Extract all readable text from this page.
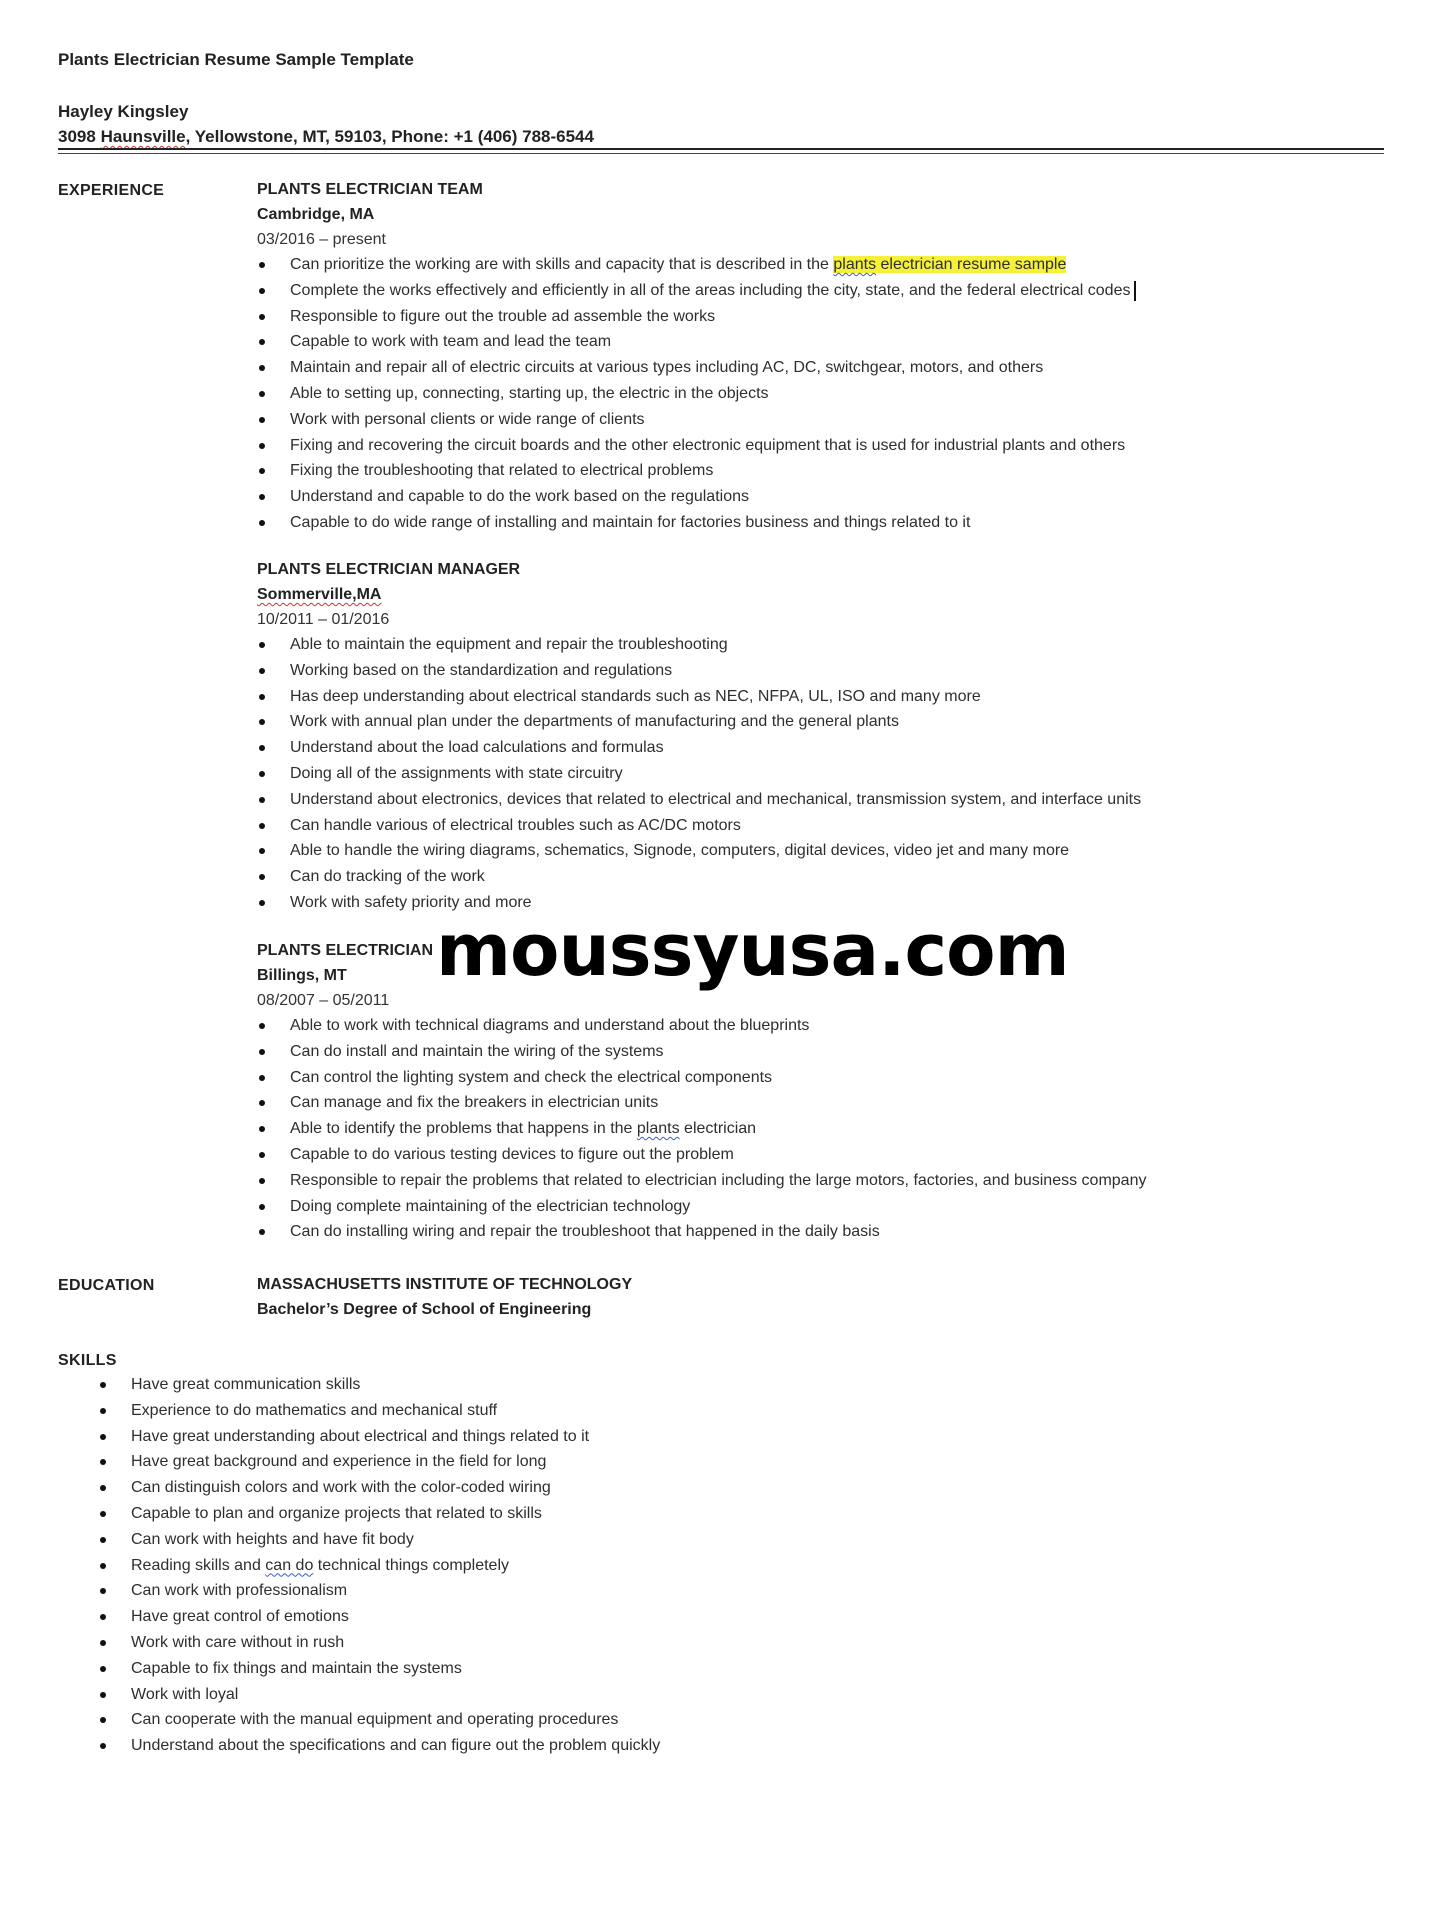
Plants Electrician Resume Sample Template
Hayley Kingsley
3098 Haunsville, Yellowstone, MT, 59103, Phone: +1 (406) 788-6544
EXPERIENCE	PLANTS ELECTRICIAN TEAM
Cambridge, MA
03/2016 – present
Can prioritize the working are with skills and capacity that is described in the plants electrician resume sample
Complete the works effectively and efficiently in all of the areas including the city, state, and the federal electrical codes
Responsible to figure out the trouble ad assemble the works
Capable to work with team and lead the team
Maintain and repair all of electric circuits at various types including AC, DC, switchgear, motors, and others
Able to setting up, connecting, starting up, the electric in the objects
Work with personal clients or wide range of clients
Fixing and recovering the circuit boards and the other electronic equipment that is used for industrial plants and others
Fixing the troubleshooting that related to electrical problems
Understand and capable to do the work based on the regulations
Capable to do wide range of installing and maintain for factories business and things related to it
PLANTS ELECTRICIAN MANAGER
Sommerville,MA
10/2011 – 01/2016
Able to maintain the equipment and repair the troubleshooting
Working based on the standardization and regulations
Has deep understanding about electrical standards such as NEC, NFPA, UL, ISO and many more
Work with annual plan under the departments of manufacturing and the general plants
Understand about the load calculations and formulas
Doing all of the assignments with state circuitry
Understand about electronics, devices that related to electrical and mechanical, transmission system, and interface units
Can handle various of electrical troubles such as AC/DC motors
Able to handle the wiring diagrams, schematics, Signode, computers, digital devices, video jet and many more
Can do tracking of the work
Work with safety priority and more
PLANTS ELECTRICIAN
Billings, MT
08/2007 – 05/2011
Able to work with technical diagrams and understand about the blueprints
Can do install and maintain the wiring of the systems
Can control the lighting system and check the electrical components
Can manage and fix the breakers in electrician units
Able to identify the problems that happens in the plants electrician
Capable to do various testing devices to figure out the problem
Responsible to repair the problems that related to electrician including the large motors, factories, and business company
Doing complete maintaining of the electrician technology
Can do installing wiring and repair the troubleshoot that happened in the daily basis
EDUCATION	MASSACHUSETTS INSTITUTE OF TECHNOLOGY
Bachelor’s Degree of School of Engineering
SKILLS
Have great communication skills
Experience to do mathematics and mechanical stuff
Have great understanding about electrical and things related to it
Have great background and experience in the field for long
Can distinguish colors and work with the color-coded wiring
Capable to plan and organize projects that related to skills
Can work with heights and have fit body
Reading skills and can do technical things completely
Can work with professionalism
Have great control of emotions
Work with care without in rush
Capable to fix things and maintain the systems
Work with loyal
Can cooperate with the manual equipment and operating procedures
Understand about the specifications and can figure out the problem quickly
moussyusa.com
